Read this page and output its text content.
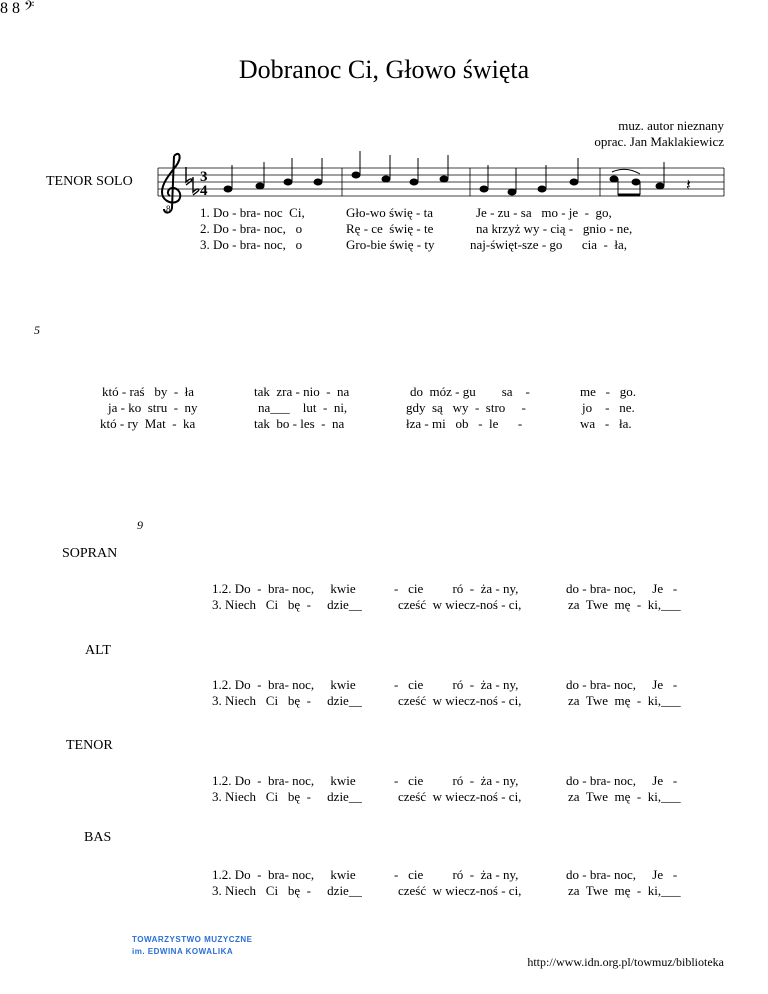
Dobranoc Ci, Głowo święta
muz. autor nieznany
oprac. Jan Maklakiewicz
TENOR SOLO
SOPRAN
ALT
TENOR
BAS
5
9
8
3
4	𝄽
8 8 𝄢
1. Do - bra- noc  Ci,
2. Do - bra- noc,   o
3. Do - bra- noc,   o
Gło-wo świę - ta
Rę - ce  świę - te
Gro-bie świę - ty
Je - zu - sa   mo - je  -  go,
na krzyż wy - cią -   gnio - ne,
naj-święt-sze - go      cia  -  ła,
któ - raś   by  -  ła
ja - ko  stru  -  ny
któ - ry  Mat  -  ka
tak  zra - nio  -  na
na___    lut  -  ni,
tak  bo - les  -  na
do  móz - gu        sa    -
gdy  są   wy  -  stro     -
łza - mi   ob   -  le      -
me   -   go.
jo    -   ne.
wa   -   ła.
1.2. Do  -  bra- noc,     kwie
3. Niech   Ci   bę  -     dzie__
-   cie         ró  -  ża - ny,
cześć  w wiecz-noś - ci,
do - bra- noc,     Je   -
za  Twe  mę  -  ki,___
1.2. Do  -  bra- noc,     kwie
3. Niech   Ci   bę  -     dzie__
-   cie         ró  -  ża - ny,
cześć  w wiecz-noś - ci,
do - bra- noc,     Je   -
za  Twe  mę  -  ki,___
1.2. Do  -  bra- noc,     kwie
3. Niech   Ci   bę  -     dzie__
-   cie         ró  -  ża - ny,
cześć  w wiecz-noś - ci,
do - bra- noc,     Je   -
za  Twe  mę  -  ki,___
1.2. Do  -  bra- noc,     kwie
3. Niech   Ci   bę  -     dzie__
-   cie         ró  -  ża - ny,
cześć  w wiecz-noś - ci,
do - bra- noc,     Je   -
za  Twe  mę  -  ki,___
TOWARZYSTWO MUZYCZNE
im. EDWINA KOWALIKA
http://www.idn.org.pl/towmuz/biblioteka
